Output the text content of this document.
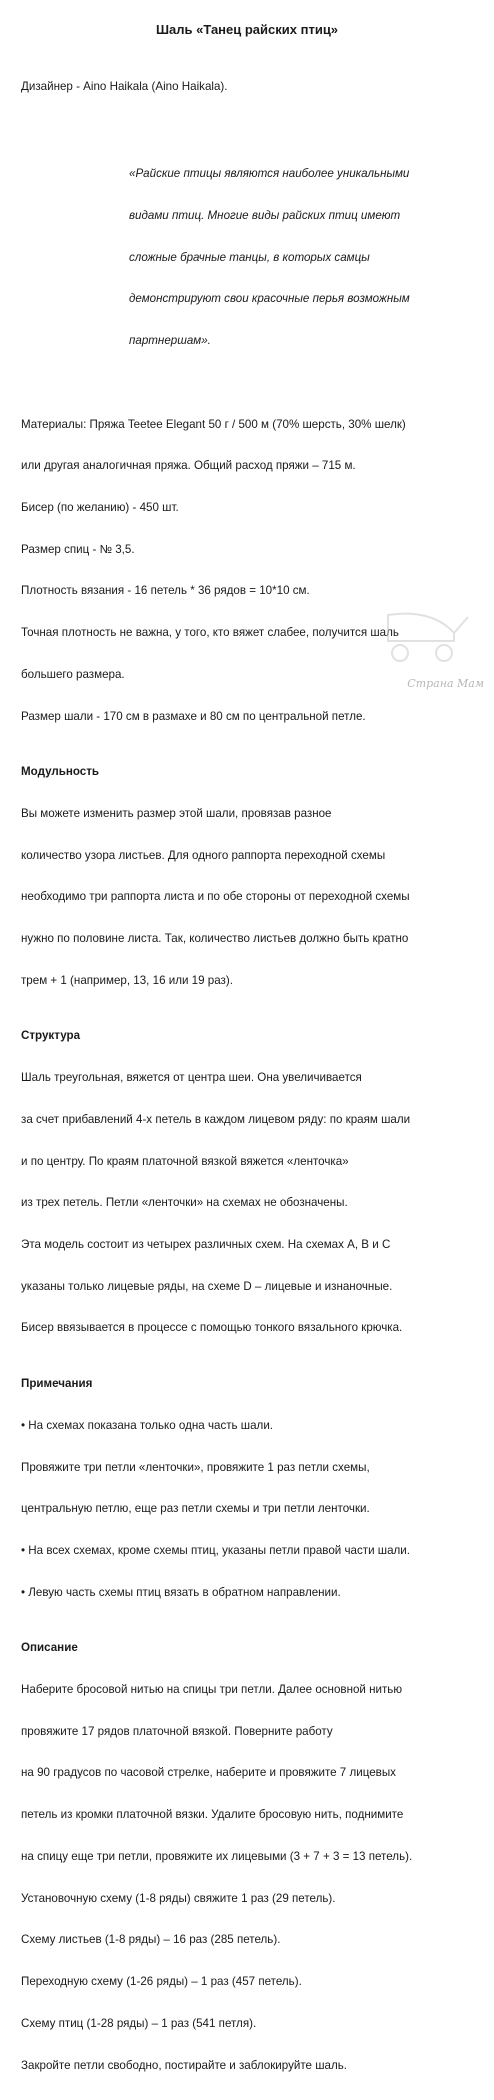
Шаль «Танец райских птиц»

Дизайнер - Aino Haikala (Aino Haikala).

«Райские птицы являются наиболее уникальными

видами птиц. Многие виды райских птиц имеют

сложные брачные танцы, в которых самцы

демонстрируют свои красочные перья возможным

партнершам».

Материалы: Пряжа Teetee Elegant 50 г / 500 м (70% шерсть, 30% шелк)

или другая аналогичная пряжа. Общий расход пряжи – 715 м.

Бисер (по желанию) - 450 шт.

Размер спиц - № 3,5.

Плотность вязания - 16 петель * 36 рядов = 10*10 см.

Точная плотность не важна, у того, кто вяжет слабее, получится шаль

большего размера.

Размер шали - 170 см в размахе и 80 см по центральной петле.

Модульность

Вы можете изменить размер этой шали, провязав разное

количество узора листьев. Для одного раппорта переходной схемы

необходимо три раппорта листа и по обе стороны от переходной схемы

нужно по половине листа. Так, количество листьев должно быть кратно

трем + 1 (например, 13, 16 или 19 раз).

Структура

Шаль треугольная, вяжется от центра шеи. Она увеличивается

за счет прибавлений 4-х петель в каждом лицевом ряду: по краям шали

и по центру. По краям платочной вязкой вяжется «ленточка»

из трех петель. Петли «ленточки» на схемах не обозначены.

Эта модель состоит из четырех различных схем. На схемах A, B и C

указаны только лицевые ряды, на схеме D – лицевые и изнаночные.

Бисер ввязывается в процессе с помощью тонкого вязального крючка.

Примечания

• На схемах показана только одна часть шали.

Провяжите три петли «ленточки», провяжите 1 раз петли схемы,

центральную петлю, еще раз петли схемы и три петли ленточки.

• На всех схемах, кроме схемы птиц, указаны петли правой части шали.

• Левую часть схемы птиц вязать в обратном направлении.

Описание

Наберите бросовой нитью на спицы три петли. Далее основной нитью

провяжите 17 рядов платочной вязкой. Поверните работу

на 90 градусов по часовой стрелке, наберите и провяжите 7 лицевых

петель из кромки платочной вязки. Удалите бросовую нить, поднимите

на спицу еще три петли, провяжите их лицевыми (3 + 7 + 3 = 13 петель).

Установочную схему (1-8 ряды) свяжите 1 раз (29 петель).

Схему листьев (1-8 ряды) – 16 раз (285 петель).

Переходную схему (1-26 ряды) – 1 раз (457 петель).

Схему птиц (1-28 ряды) – 1 раз (541 петля).

Закройте петли свободно, постирайте и заблокируйте шаль.

Страна Мам
